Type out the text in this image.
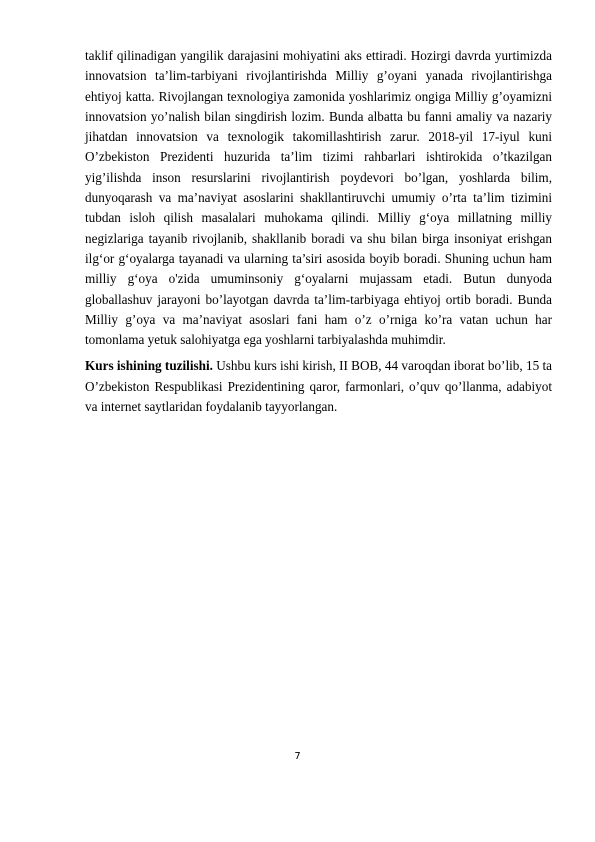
taklif qilinadigan yangilik darajasini mohiyatini aks ettiradi. Hozirgi davrda yurtimizda innovatsion ta’lim-tarbiyani rivojlantirishda Milliy g’oyani yanada rivojlantirishga ehtiyoj katta. Rivojlangan texnologiya zamonida yoshlarimiz ongiga Milliy g’oyamizni innovatsion yo’nalish bilan singdirish lozim. Bunda albatta bu fanni amaliy va nazariy jihatdan innovatsion va texnologik takomillashtirish zarur. 2018-yil 17-iyul kuni O’zbekiston Prezidenti huzurida ta’lim tizimi rahbarlari ishtirokida o’tkazilgan yig’ilishda inson resurslarini rivojlantirish poydevori bo’lgan, yoshlarda bilim, dunyoqarash va ma’naviyat asoslarini shakllantiruvchi umumiy o’rta ta’lim tizimini tubdan isloh qilish masalalari muhokama qilindi. Milliy g‘oya millatning milliy negizlariga tayanib rivojlanib, shakllanib boradi va shu bilan birga insoniyat erishgan ilg‘or g‘oyalarga tayanadi va ularning ta’siri asosida boyib boradi. Shuning uchun ham milliy g‘oya o'zida umuminsoniy g‘oyalarni mujassam etadi. Butun dunyoda globallashuv jarayoni bo’layotgan davrda ta’lim-tarbiyaga ehtiyoj ortib boradi. Bunda Milliy g’oya va ma’naviyat asoslari fani ham o’z o’rniga ko’ra vatan uchun har tomonlama yetuk salohiyatga ega yoshlarni tarbiyalashda muhimdir.

Kurs ishining tuzilishi. Ushbu kurs ishi kirish, II BOB, 44 varoqdan iborat bo’lib, 15 ta O’zbekiston Respublikasi Prezidentining qaror, farmonlari, o’quv qo’llanma, adabiyot va internet saytlaridan foydalanib tayyorlangan.

7
